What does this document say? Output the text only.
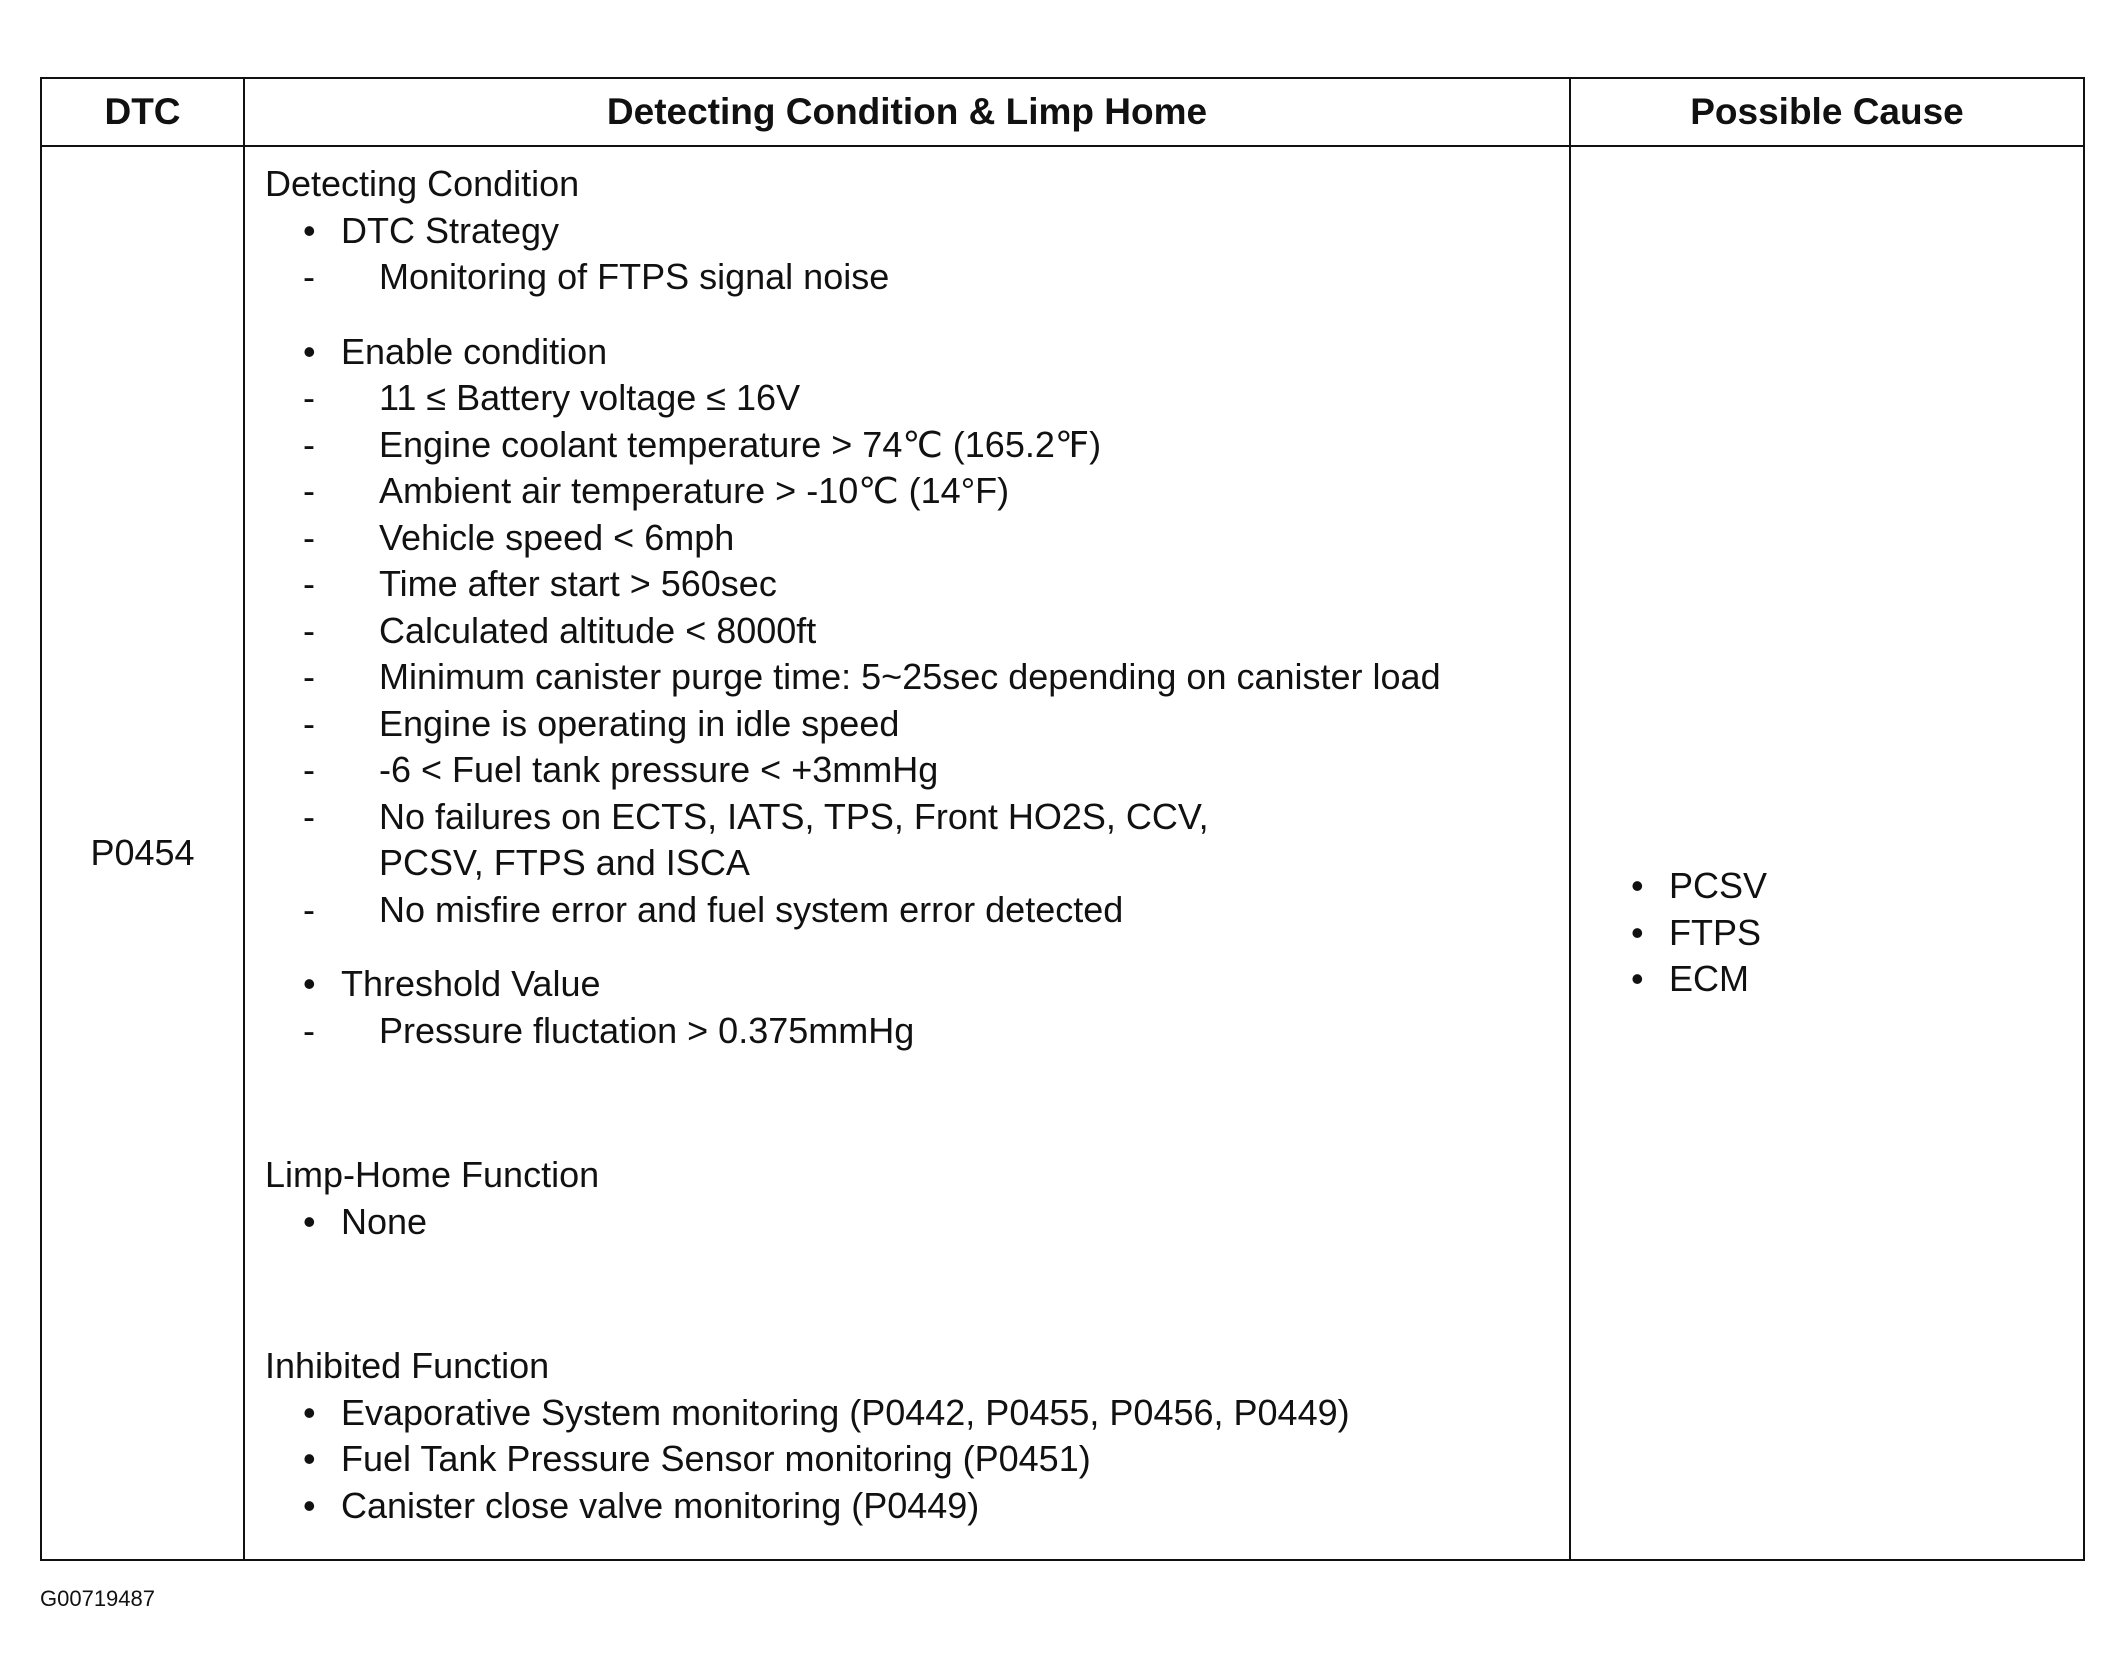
DTC	Detecting Condition & Limp Home	Possible Cause
P0454
Detecting Condition
• DTC Strategy
- Monitoring of FTPS signal noise
• Enable condition
- 11 ≤ Battery voltage ≤ 16V
- Engine coolant temperature > 74℃ (165.2℉)
- Ambient air temperature > -10℃ (14°F)
- Vehicle speed < 6mph
- Time after start > 560sec
- Calculated altitude < 8000ft
- Minimum canister purge time: 5~25sec depending on canister load
- Engine is operating in idle speed
- -6 < Fuel tank pressure < +3mmHg
- No failures on ECTS, IATS, TPS, Front HO2S, CCV,
PCSV, FTPS and ISCA
- No misfire error and fuel system error detected
• Threshold Value
- Pressure fluctation > 0.375mmHg
Limp-Home Function
• None
Inhibited Function
• Evaporative System monitoring (P0442, P0455, P0456, P0449)
• Fuel Tank Pressure Sensor monitoring (P0451)
• Canister close valve monitoring (P0449)
• PCSV
• FTPS
• ECM
G00719487
